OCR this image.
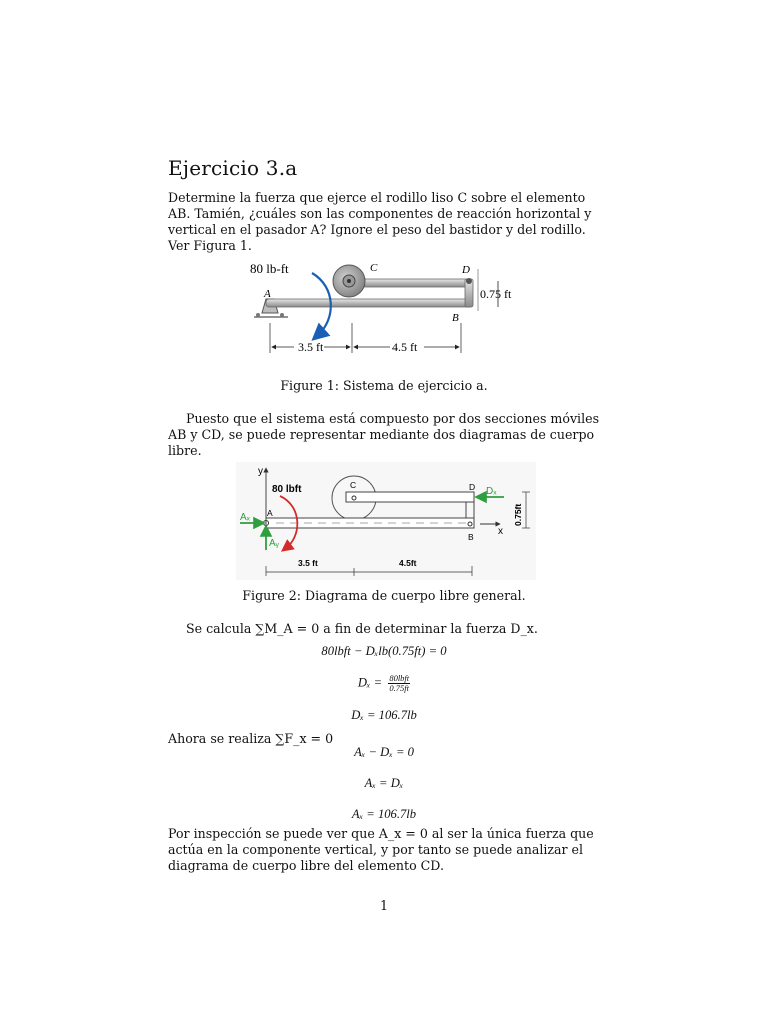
Ejercicio 3.a

Determine la fuerza que ejerce el rodillo liso C sobre el elemento AB. Tamién, ¿cuáles son las componentes de reacción horizontal y vertical en el pasador A? Ignore el peso del bastidor y del rodillo. Ver Figura 1.

80 lb-ft
A
C	D
B
0.75 ft
3.5 ft	4.5 ft

Figure 1: Sistema de ejercicio a.

Puesto que el sistema está compuesto por dos secciones móviles AB y CD, se puede representar mediante dos diagramas de cuerpo libre.

y
x
Aₓ
Aᵧ
Dₓ
80 lbft
A
C	D
B
0.75ft
3.5 ft	4.5ft

Figure 2: Diagrama de cuerpo libre general.

Se calcula ∑M_A = 0 a fin de determinar la fuerza D_x.

80lbft − Dₓlb(0.75ft) = 0

$D_x = \frac{\text{80lbft}}{0.75ft}$

Dₓ = 106.7lb

Ahora se realiza ∑F_x = 0

Aₓ − Dₓ = 0

Aₓ = Dₓ

Aₓ = 106.7lb

Por inspección se puede ver que A_x = 0 al ser la única fuerza que actúa en la componente vertical, y por tanto se puede analizar el diagrama de cuerpo libre del elemento CD.

1
